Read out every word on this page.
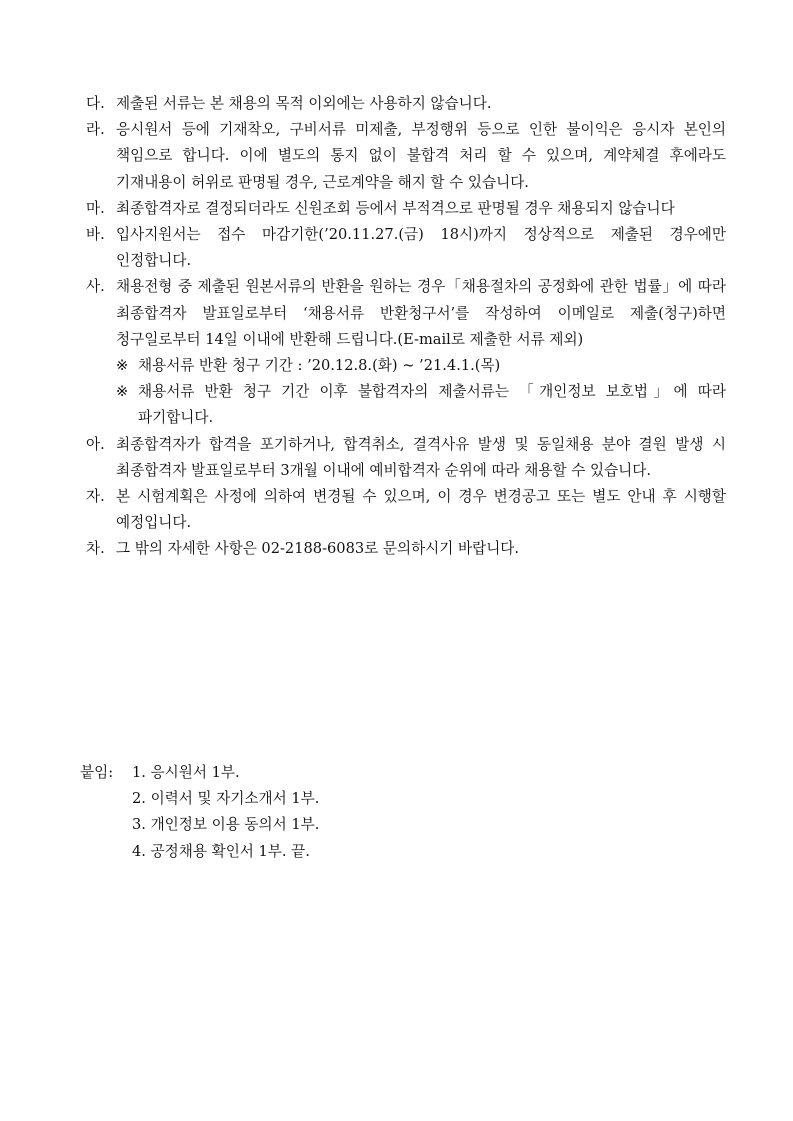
다. 제출된 서류는 본 채용의 목적 이외에는 사용하지 않습니다.
라. 응시원서 등에 기재착오, 구비서류 미제출, 부정행위 등으로 인한 불이익은 응시자 본인의 책임으로 합니다. 이에 별도의 통지 없이 불합격 처리 할 수 있으며, 계약체결 후에라도 기재내용이 허위로 판명될 경우, 근로계약을 해지 할 수 있습니다.
마. 최종합격자로 결정되더라도 신원조회 등에서 부적격으로 판명될 경우 채용되지 않습니다
바. 입사지원서는 접수 마감기한(’20.11.27.(금) 18시)까지 정상적으로 제출된 경우에만 인정합니다.
사. 채용전형 중 제출된 원본서류의 반환을 원하는 경우「채용절차의 공정화에 관한 법률」에 따라 최종합격자 발표일로부터 ‘채용서류 반환청구서’를 작성하여 이메일로 제출(청구)하면 청구일로부터 14일 이내에 반환해 드립니다.(E-mail로 제출한 서류 제외)
※ 채용서류 반환 청구 기간 : ’20.12.8.(화) ~ ’21.4.1.(목)
※ 채용서류 반환 청구 기간 이후 불합격자의 제출서류는 「개인정보 보호법」에 따라 파기합니다.
아. 최종합격자가 합격을 포기하거나, 합격취소, 결격사유 발생 및 동일채용 분야 결원 발생 시 최종합격자 발표일로부터 3개월 이내에 예비합격자 순위에 따라 채용할 수 있습니다.
자. 본 시험계획은 사정에 의하여 변경될 수 있으며, 이 경우 변경공고 또는 별도 안내 후 시행할 예정입니다.
차. 그 밖의 자세한 사항은 02-2188-6083로 문의하시기 바랍니다.
붙임: 1. 응시원서 1부.
2. 이력서 및 자기소개서 1부.
3. 개인정보 이용 동의서 1부.
4. 공정채용 확인서 1부. 끝.
